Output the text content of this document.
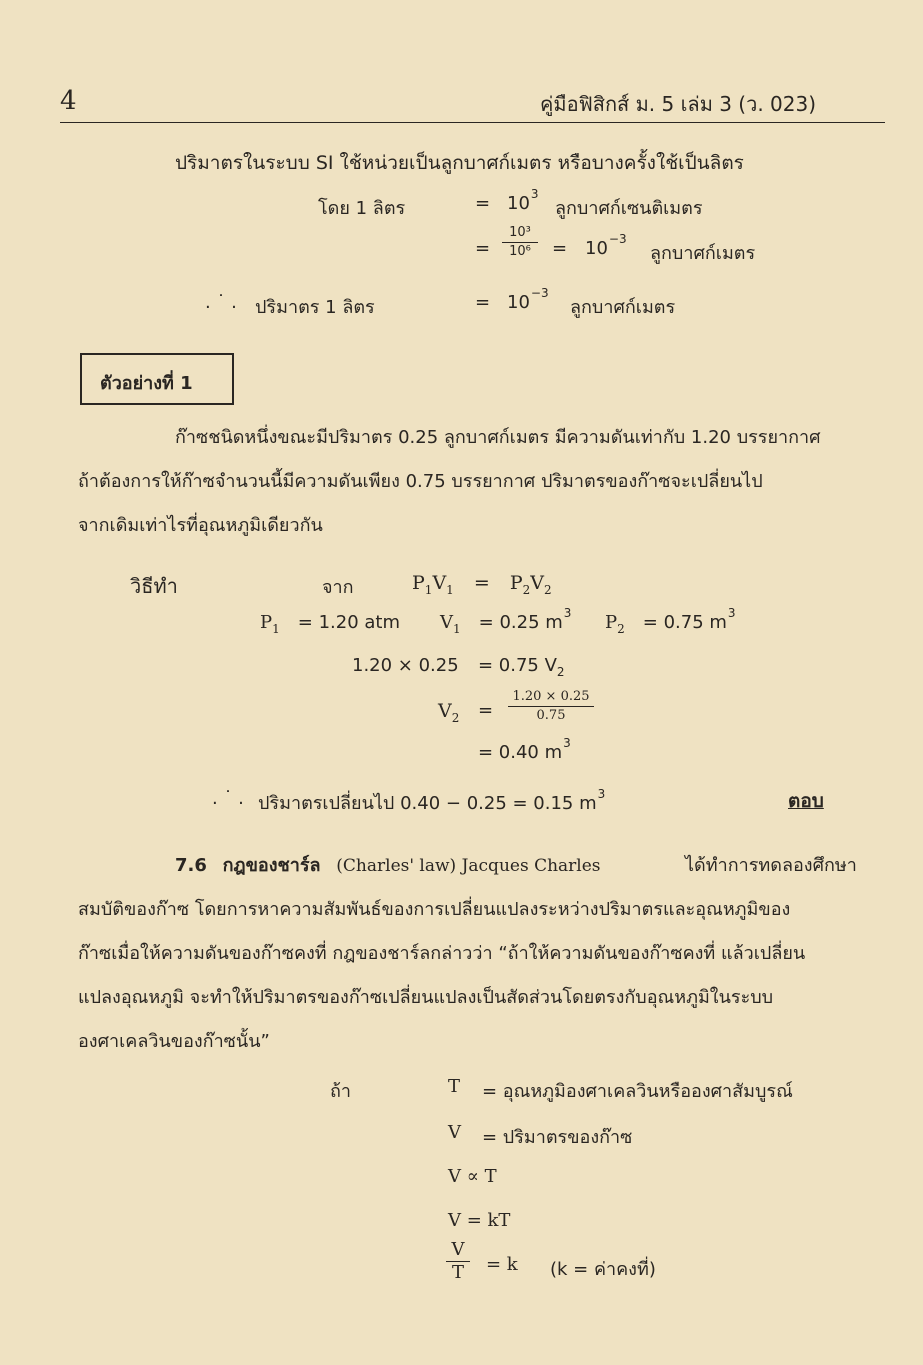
4	คู่มือฟิสิกส์ ม. 5 เล่ม 3 (ว. 023)
ปริมาตรในระบบ SI ใช้หน่วยเป็นลูกบาศก์เมตร หรือบางครั้งใช้เป็นลิตร
โดย 1 ลิตร	= $10^3$
ลูกบาศก์เซนติเมตร
=
10³
10⁶	= $10^{-3}$
ลูกบาศก์เมตร
. ˙ . ปริมาตร 1 ลิตร	= $10^{-3}$
ลูกบาศก์เมตร
ตัวอย่างที่ 1
ก๊าซชนิดหนึ่งขณะมีปริมาตร 0.25 ลูกบาศก์เมตร มีความดันเท่ากับ 1.20 บรรยากาศ
ถ้าต้องการให้ก๊าซจำนวนนี้มีความดันเพียง 0.75 บรรยากาศ ปริมาตรของก๊าซจะเปลี่ยนไป
จากเดิมเท่าไรที่อุณหภูมิเดียวกัน
วิธีทำ	จาก	$P_1V_1 = P_2V_2$
$P_1 = 1.20$ atm $V_1 = 0.25$ $m^3$ $P_2 = 0.75$ $m^3$
1.20 × 0.25 = 0.75 $V_2$
$V_2$ =
1.20 × 0.25
0.75
= 0.40 $m^3$
. ˙ . ปริมาตรเปลี่ยนไป 0.40 − 0.25 = 0.15 $m^3$	ตอบ
7.6 กฎของชาร์ล (Charles' law) Jacques Charles	ได้ทำการทดลองศึกษา
สมบัติของก๊าซ โดยการหาความสัมพันธ์ของการเปลี่ยนแปลงระหว่างปริมาตรและอุณหภูมิของ
ก๊าซเมื่อให้ความดันของก๊าซคงที่ กฎของชาร์ลกล่าวว่า “ถ้าให้ความดันของก๊าซคงที่ แล้วเปลี่ยน
แปลงอุณหภูมิ จะทำให้ปริมาตรของก๊าซเปลี่ยนแปลงเป็นสัดส่วนโดยตรงกับอุณหภูมิในระบบ
องศาเคลวินของก๊าซนั้น”
ถ้า	T = อุณหภูมิองศาเคลวินหรือองศาสัมบูรณ์
V = ปริมาตรของก๊าซ
V ∝ T
V = kT
V
T	= k (k = ค่าคงที่)
